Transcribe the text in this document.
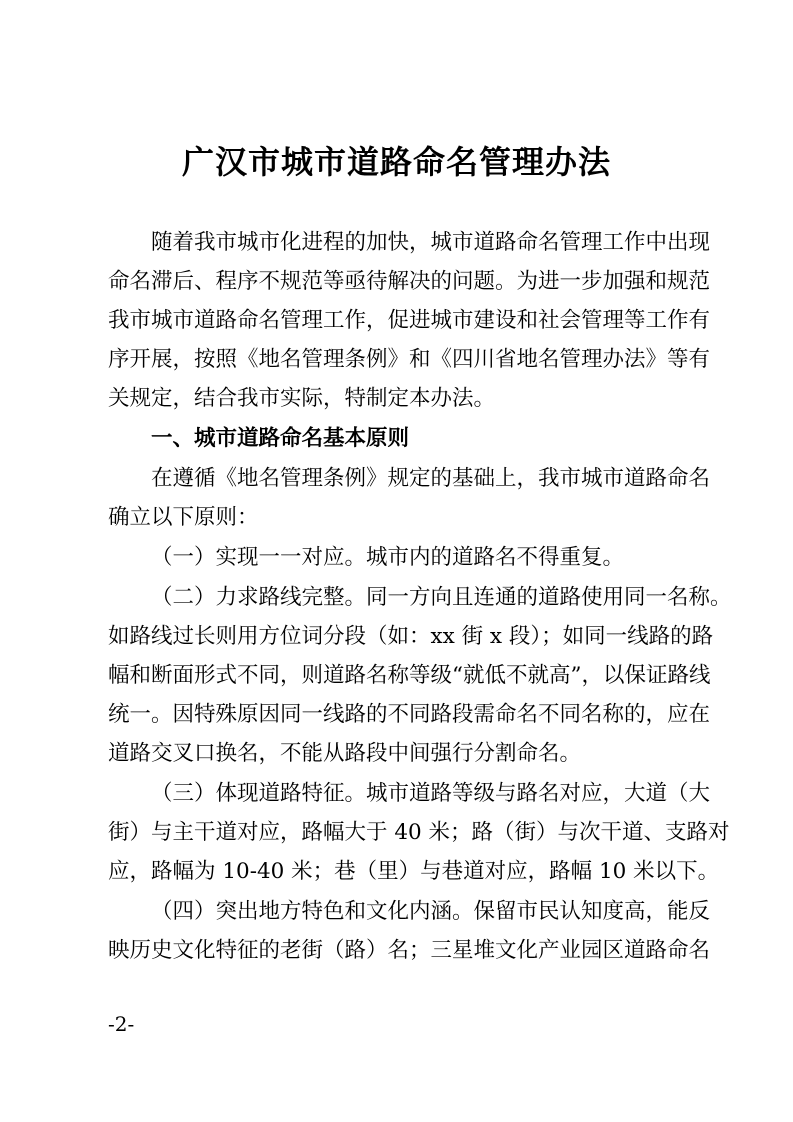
广汉市城市道路命名管理办法

随着我市城市化进程的加快，城市道路命名管理工作中出现

命名滞后、程序不规范等亟待解决的问题。为进一步加强和规范

我市城市道路命名管理工作，促进城市建设和社会管理等工作有

序开展，按照《地名管理条例》和《四川省地名管理办法》等有

关规定，结合我市实际，特制定本办法。

一、城市道路命名基本原则

在遵循《地名管理条例》规定的基础上，我市城市道路命名

确立以下原则：

（一）实现一一对应。城市内的道路名不得重复。

（二）力求路线完整。同一方向且连通的道路使用同一名称。

如路线过长则用方位词分段（如：xx 街 x 段）；如同一线路的路

幅和断面形式不同，则道路名称等级“就低不就高”，以保证路线

统一。因特殊原因同一线路的不同路段需命名不同名称的，应在

道路交叉口换名，不能从路段中间强行分割命名。

（三）体现道路特征。城市道路等级与路名对应，大道（大

街）与主干道对应，路幅大于 40 米；路（街）与次干道、支路对

应，路幅为 10-40 米；巷（里）与巷道对应，路幅 10 米以下。

（四）突出地方特色和文化内涵。保留市民认知度高，能反

映历史文化特征的老街（路）名；三星堆文化产业园区道路命名

-2-
